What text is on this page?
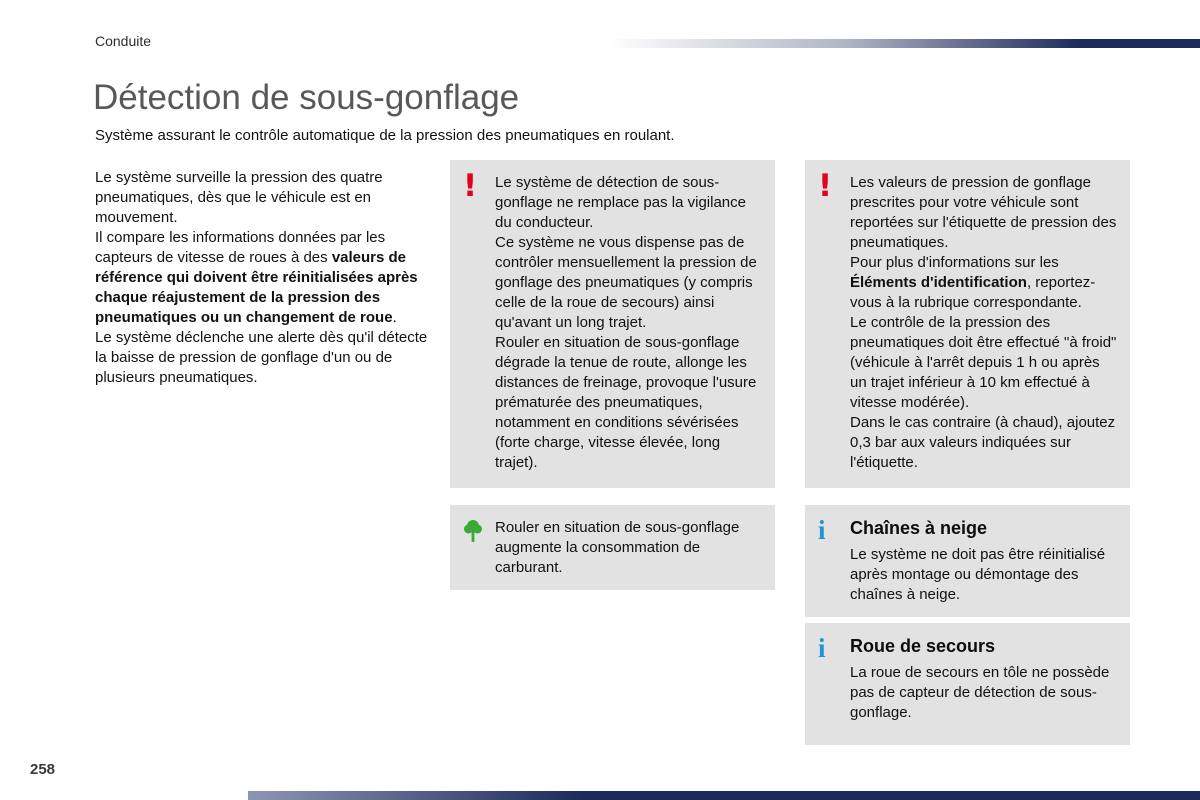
Conduite
Détection de sous-gonflage

Système assurant le contrôle automatique de la pression des pneumatiques en roulant.

Le système surveille la pression des quatre pneumatiques, dès que le véhicule est en mouvement.

Il compare les informations données par les capteurs de vitesse de roues à des valeurs de référence qui doivent être réinitialisées après chaque réajustement de la pression des pneumatiques ou un changement de roue.

Le système déclenche une alerte dès qu'il détecte la baisse de pression de gonflage d'un ou de plusieurs pneumatiques.

!	Le système de détection de sous-gonflage ne remplace pas la vigilance du conducteur.

Ce système ne vous dispense pas de contrôler mensuellement la pression de gonflage des pneumatiques (y compris celle de la roue de secours) ainsi qu'avant un long trajet.

Rouler en situation de sous-gonflage dégrade la tenue de route, allonge les distances de freinage, provoque l'usure prématurée des pneumatiques, notamment en conditions sévérisées (forte charge, vitesse élevée, long trajet).

!	Les valeurs de pression de gonflage prescrites pour votre véhicule sont reportées sur l'étiquette de pression des pneumatiques.

Pour plus d'informations sur les Éléments d'identification, reportez-vous à la rubrique correspondante.

Le contrôle de la pression des pneumatiques doit être effectué "à froid" (véhicule à l'arrêt depuis 1 h ou après un trajet inférieur à 10 km effectué à vitesse modérée).

Dans le cas contraire (à chaud), ajoutez 0,3 bar aux valeurs indiquées sur l'étiquette.

Rouler en situation de sous-gonflage augmente la consommation de carburant.

i	Chaînes à neige

Le système ne doit pas être réinitialisé après montage ou démontage des chaînes à neige.

i	Roue de secours

La roue de secours en tôle ne possède pas de capteur de détection de sous-gonflage.

258
